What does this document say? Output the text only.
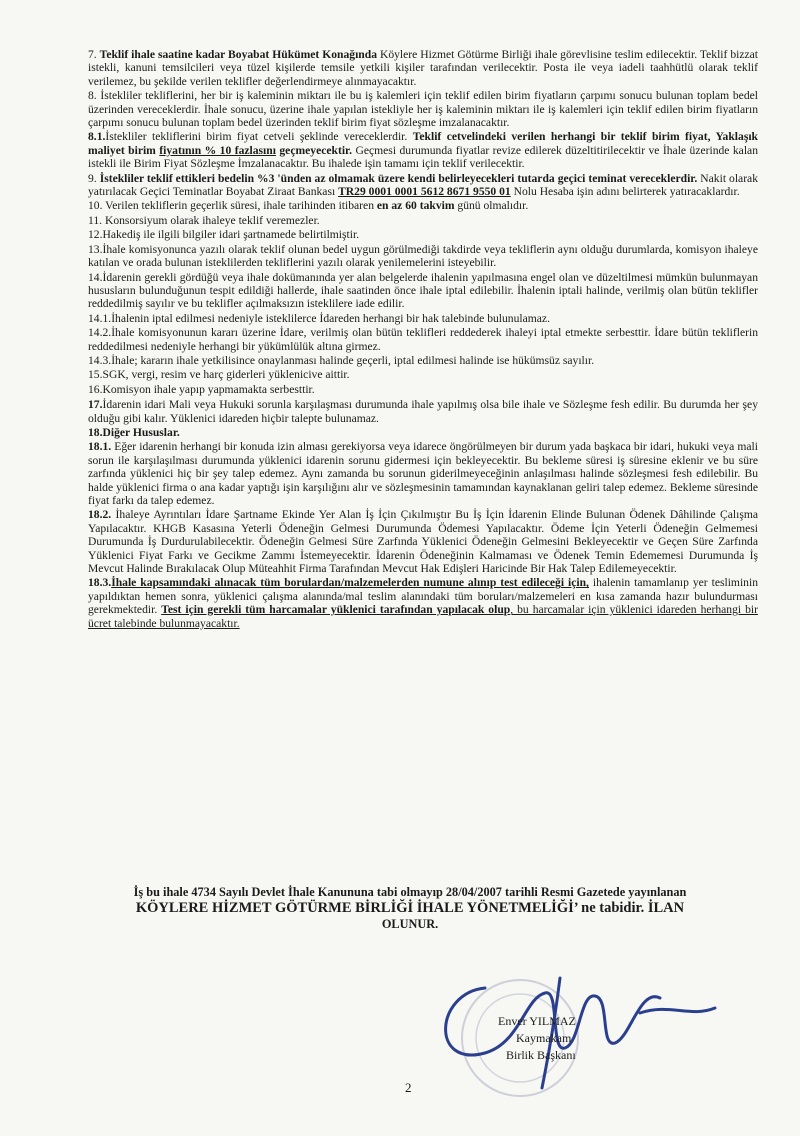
7. Teklif ihale saatine kadar Boyabat Hükümet Konağında Köylere Hizmet Götürme Birliği ihale görevlisine teslim edilecektir. Teklif bizzat istekli, kanuni temsilcileri veya tüzel kişilerde temsile yetkili kişiler tarafından verilecektir. Posta ile veya iadeli taahhütlü olarak teklif verilemez, bu şekilde verilen teklifler değerlendirmeye alınmayacaktır.

8. İstekliler tekliflerini, her bir iş kaleminin miktarı ile bu iş kalemleri için teklif edilen birim fiyatların çarpımı sonucu bulunan toplam bedel üzerinden vereceklerdir. İhale sonucu, üzerine ihale yapılan istekliyle her iş kaleminin miktarı ile iş kalemleri için teklif edilen birim fiyatların çarpımı sonucu bulunan toplam bedel üzerinden teklif birim fiyat sözleşme imzalanacaktır.

8.1.İstekliler tekliflerini birim fiyat cetveli şeklinde vereceklerdir. Teklif cetvelindeki verilen herhangi bir teklif birim fiyat, Yaklaşık maliyet birim fiyatının % 10 fazlasını geçmeyecektir. Geçmesi durumunda fiyatlar revize edilerek düzeltitirilecektir ve İhale üzerinde kalan istekli ile Birim Fiyat Sözleşme İmzalanacaktır. Bu ihalede işin tamamı için teklif verilecektir.

9. İstekliler teklif ettikleri bedelin %3 'ünden az olmamak üzere kendi belirleyecekleri tutarda geçici teminat vereceklerdir. Nakit olarak yatırılacak Geçici Teminatlar Boyabat Ziraat Bankası TR29 0001 0001 5612 8671 9550 01 Nolu Hesaba işin adını belirterek yatıracaklardır.

10. Verilen tekliflerin geçerlik süresi, ihale tarihinden itibaren en az 60 takvim günü olmalıdır.

11. Konsorsiyum olarak ihaleye teklif veremezler.

12.Hakediş ile ilgili bilgiler idari şartnamede belirtilmiştir.

13.İhale komisyonunca yazılı olarak teklif olunan bedel uygun görülmediği takdirde veya tekliflerin aynı olduğu durumlarda, komisyon ihaleye katılan ve orada bulunan isteklilerden tekliflerini yazılı olarak yenilemelerini isteyebilir.

14.İdarenin gerekli gördüğü veya ihale dokümanında yer alan belgelerde ihalenin yapılmasına engel olan ve düzeltilmesi mümkün bulunmayan hususların bulunduğunun tespit edildiği hallerde, ihale saatinden önce ihale iptal edilebilir. İhalenin iptali halinde, verilmiş olan bütün teklifler reddedilmiş sayılır ve bu teklifler açılmaksızın isteklilere iade edilir.

14.1.İhalenin iptal edilmesi nedeniyle isteklilerce İdareden herhangi bir hak talebinde bulunulamaz.

14.2.İhale komisyonunun kararı üzerine İdare, verilmiş olan bütün teklifleri reddederek ihaleyi iptal etmekte serbesttir. İdare bütün tekliflerin reddedilmesi nedeniyle herhangi bir yükümlülük altına girmez.

14.3.İhale; kararın ihale yetkilisince onaylanması halinde geçerli, iptal edilmesi halinde ise hükümsüz sayılır.

15.SGK, vergi, resim ve harç giderleri yüklenicive aittir.

16.Komisyon ihale yapıp yapmamakta serbesttir.

17.İdarenin idari Mali veya Hukuki sorunla karşılaşması durumunda ihale yapılmış olsa bile ihale ve Sözleşme fesh edilir. Bu durumda her şey olduğu gibi kalır. Yüklenici idareden hiçbir talepte bulunamaz.

18.Diğer Hususlar.

18.1. Eğer idarenin herhangi bir konuda izin alması gerekiyorsa veya idarece öngörülmeyen bir durum yada başkaca bir idari, hukuki veya mali sorun ile karşılaşılması durumunda yüklenici idarenin sorunu gidermesi için bekleyecektir. Bu bekleme süresi iş süresine eklenir ve bu süre zarfında yüklenici hiç bir şey talep edemez. Aynı zamanda bu sorunun giderilmeyeceğinin anlaşılması halinde sözleşmesi fesh edilebilir. Bu halde yüklenici firma o ana kadar yaptığı işin karşılığını alır ve sözleşmesinin tamamından kaynaklanan geliri talep edemez. Bekleme süresinde fiyat farkı da talep edemez.

18.2. İhaleye Ayrıntıları İdare Şartname Ekinde Yer Alan İş İçin Çıkılmıştır Bu İş İçin İdarenin Elinde Bulunan Ödenek Dâhilinde Çalışma Yapılacaktır. KHGB Kasasına Yeterli Ödeneğin Gelmesi Durumunda Ödemesi Yapılacaktır. Ödeme İçin Yeterli Ödeneğin Gelmemesi Durumunda İş Durdurulabilecektir. Ödeneğin Gelmesi Süre Zarfında Yüklenici Ödeneğin Gelmesini Bekleyecektir ve Geçen Süre Zarfında Yüklenici Fiyat Farkı ve Gecikme Zammı İstemeyecektir. İdarenin Ödeneğinin Kalmaması ve Ödenek Temin Edememesi Durumunda İş Mevcut Halinde Bırakılacak Olup Müteahhit Firma Tarafından Mevcut Hak Edişleri Haricinde Bir Hak Talep Edilemeyecektir.

18.3.İhale kapsamındaki alınacak tüm borulardan/malzemelerden numune alınıp test edileceği için, ihalenin tamamlanıp yer tesliminin yapıldıktan hemen sonra, yüklenici çalışma alanında/mal teslim alanındaki tüm boruları/malzemeleri en kısa zamanda hazır bulundurması gerekmektedir. Test için gerekli tüm harcamalar yüklenici tarafından yapılacak olup, bu harcamalar için yüklenici idareden herhangi bir ücret talebinde bulunmayacaktır.

İş bu ihale 4734 Sayılı Devlet İhale Kanununa tabi olmayıp 28/04/2007 tarihli Resmi Gazetede yayınlanan
KÖYLERE HİZMET GÖTÜRME BİRLİĞİ İHALE YÖNETMELİĞİ’ ne tabidir. İLAN
OLUNUR.
Enver YILMAZ
Kaymakam
Birlik Başkanı
2
